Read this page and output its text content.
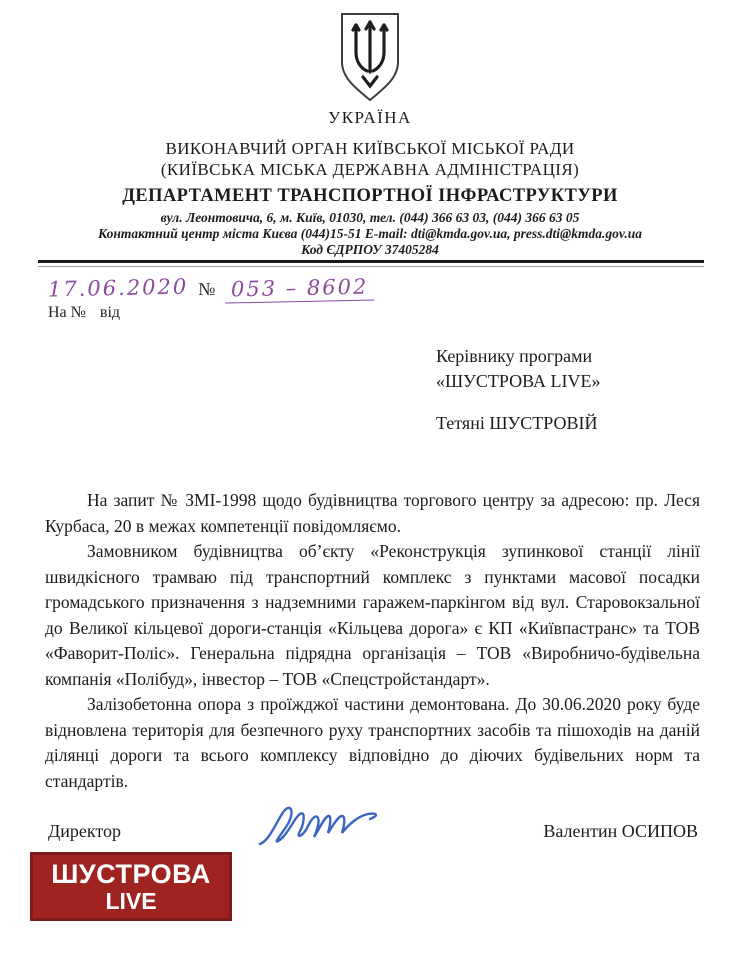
УКРАЇНА
ВИКОНАВЧИЙ ОРГАН КИЇВСЬКОЇ МІСЬКОЇ РАДИ
(КИЇВСЬКА МІСЬКА ДЕРЖАВНА АДМІНІСТРАЦІЯ)
ДЕПАРТАМЕНТ ТРАНСПОРТНОЇ ІНФРАСТРУКТУРИ
вул. Леонтовича, 6, м. Київ, 01030, тел. (044) 366 63 03, (044) 366 63 05
Контактний центр міста Києва (044)15-51 E-mail: dti@kmda.gov.ua, press.dti@kmda.gov.ua
Код ЄДРПОУ 37405284
17.06.2020 № 053 – 8602
На № від
Керівнику програми
«ШУСТРОВА LIVE»
Тетяні ШУСТРОВІЙ

На запит № ЗМІ-1998 щодо будівництва торгового центру за адресою: пр. Леся Курбаса, 20 в межах компетенції повідомляємо.

Замовником будівництва об’єкту «Реконструкція зупинкової станції лінії швидкісного трамваю під транспортний комплекс з пунктами масової посадки громадського призначення з надземними гаражем-паркінгом від вул. Старовокзальної до Великої кільцевої дороги-станція «Кільцева дорога» є КП «Київпастранс» та ТОВ «Фаворит-Поліс». Генеральна підрядна організація – ТОВ «Виробничо-будівельна компанія «Полібуд», інвестор – ТОВ «Спецстройстандарт».

Залізобетонна опора з проїжджої частини демонтована. До 30.06.2020 року буде відновлена територія для безпечного руху транспортних засобів та пішоходів на даній ділянці дороги та всього комплексу відповідно до діючих будівельних норм та стандартів.

Директор	Валентин ОСИПОВ
ШУСТРОВА
LIVE
